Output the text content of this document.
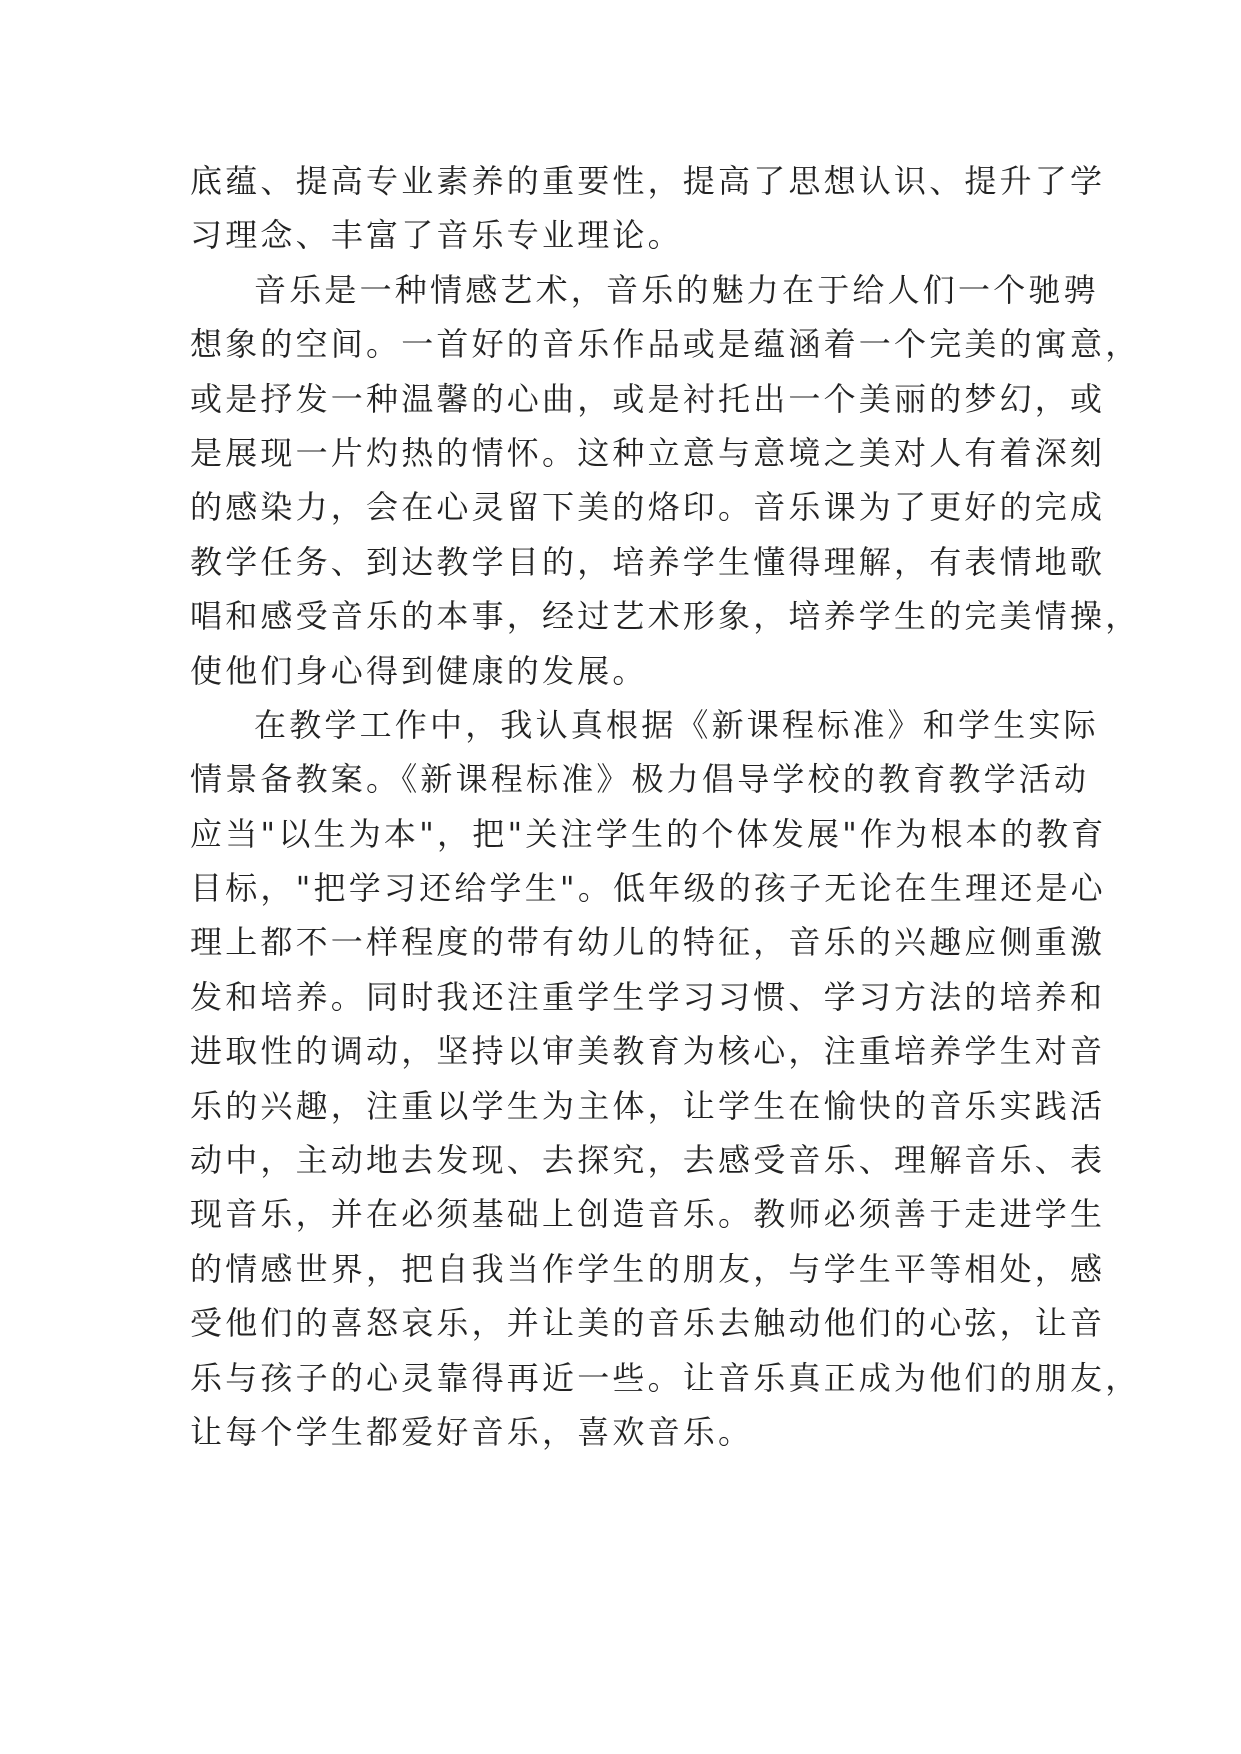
底蕴、提高专业素养的重要性，提高了思想认识、提升了学
习理念、丰富了音乐专业理论。
音乐是一种情感艺术，音乐的魅力在于给人们一个驰骋
想象的空间。一首好的音乐作品或是蕴涵着一个完美的寓意，
或是抒发一种温馨的心曲，或是衬托出一个美丽的梦幻，或
是展现一片灼热的情怀。这种立意与意境之美对人有着深刻
的感染力，会在心灵留下美的烙印。音乐课为了更好的完成
教学任务、到达教学目的，培养学生懂得理解，有表情地歌
唱和感受音乐的本事，经过艺术形象，培养学生的完美情操，
使他们身心得到健康的发展。
在教学工作中，我认真根据《新课程标准》和学生实际
情景备教案。《新课程标准》极力倡导学校的教育教学活动
应当"以生为本"，把"关注学生的个体发展"作为根本的教育
目标，"把学习还给学生"。低年级的孩子无论在生理还是心
理上都不一样程度的带有幼儿的特征，音乐的兴趣应侧重激
发和培养。同时我还注重学生学习习惯、学习方法的培养和
进取性的调动，坚持以审美教育为核心，注重培养学生对音
乐的兴趣，注重以学生为主体，让学生在愉快的音乐实践活
动中，主动地去发现、去探究，去感受音乐、理解音乐、表
现音乐，并在必须基础上创造音乐。教师必须善于走进学生
的情感世界，把自我当作学生的朋友，与学生平等相处，感
受他们的喜怒哀乐，并让美的音乐去触动他们的心弦，让音
乐与孩子的心灵靠得再近一些。让音乐真正成为他们的朋友，
让每个学生都爱好音乐，喜欢音乐。
